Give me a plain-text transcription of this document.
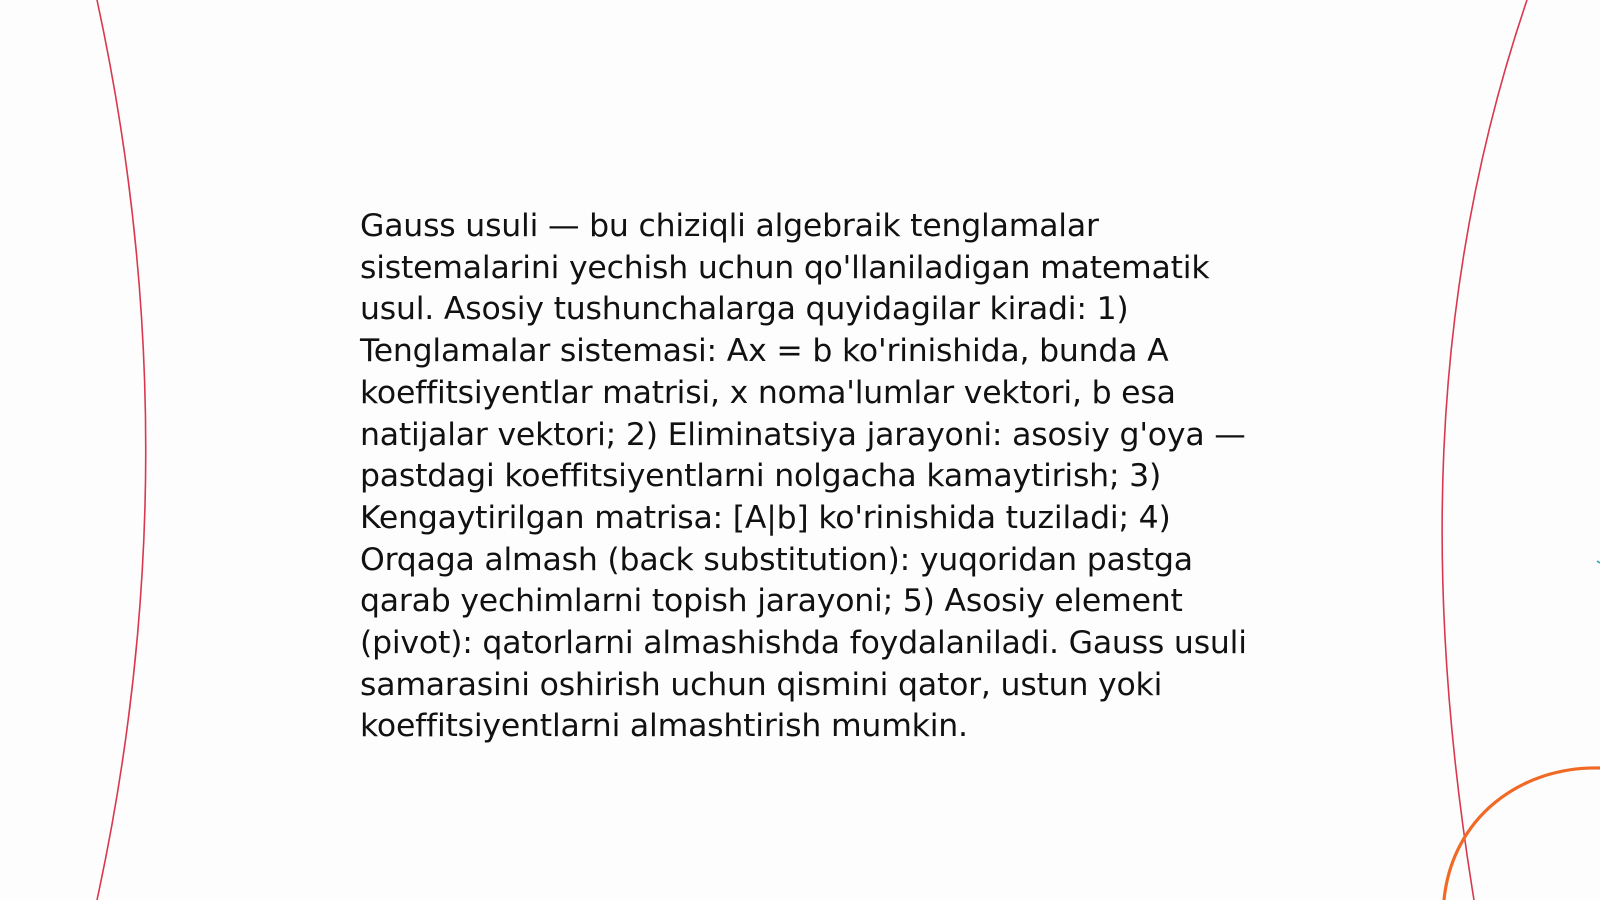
Gauss usuli — bu chiziqli algebraik tenglamalar sistemalarini yechish uchun qo'llaniladigan matematik usul. Asosiy tushunchalarga quyidagilar kiradi: 1) Tenglamalar sistemasi: Ax = b ko'rinishida, bunda A koeffitsiyentlar matrisi, x noma'lumlar vektori, b esa natijalar vektori; 2) Eliminatsiya jarayoni: asosiy g'oya — pastdagi koeffitsiyentlarni nolgacha kamaytirish; 3) Kengaytirilgan matrisa: [A|b] ko'rinishida tuziladi; 4) Orqaga almash (back substitution): yuqoridan pastga qarab yechimlarni topish jarayoni; 5) Asosiy element (pivot): qatorlarni almashishda foydalaniladi. Gauss usuli samarasini oshirish uchun qismini qator, ustun yoki koeffitsiyentlarni almashtirish mumkin.
